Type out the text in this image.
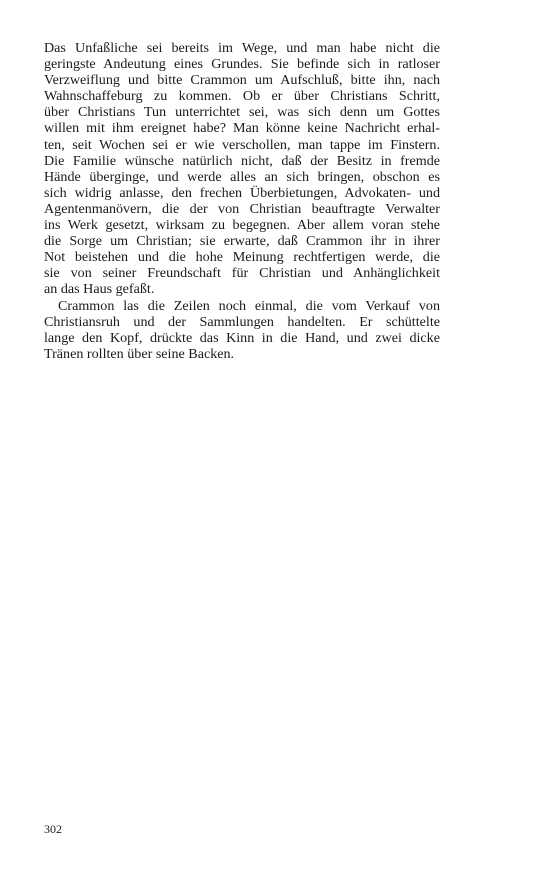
Das Unfaßliche sei bereits im Wege, und man habe nicht die
geringste Andeutung eines Grundes. Sie befinde sich in ratloser
Verzweiflung und bitte Crammon um Aufschluß, bitte ihn, nach
Wahnschaffeburg zu kommen. Ob er über Christians Schritt,
über Christians Tun unterrichtet sei, was sich denn um Gottes
willen mit ihm ereignet habe? Man könne keine Nachricht erhal-
ten, seit Wochen sei er wie verschollen, man tappe im Finstern.
Die Familie wünsche natürlich nicht, daß der Besitz in fremde
Hände überginge, und werde alles an sich bringen, obschon es
sich widrig anlasse, den frechen Überbietungen, Advokaten- und
Agentenmanövern, die der von Christian beauftragte Verwalter
ins Werk gesetzt, wirksam zu begegnen. Aber allem voran stehe
die Sorge um Christian; sie erwarte, daß Crammon ihr in ihrer
Not beistehen und die hohe Meinung rechtfertigen werde, die
sie von seiner Freundschaft für Christian und Anhänglichkeit
an das Haus gefaßt.
Crammon las die Zeilen noch einmal, die vom Verkauf von
Christiansruh und der Sammlungen handelten. Er schüttelte
lange den Kopf, drückte das Kinn in die Hand, und zwei dicke
Tränen rollten über seine Backen.
302
